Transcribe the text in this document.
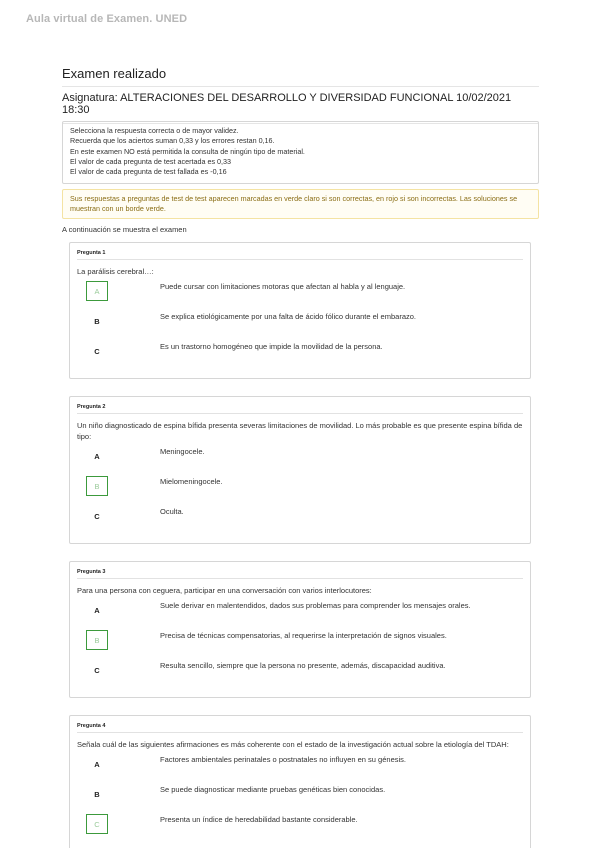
Aula virtual de Examen. UNED
Examen realizado
Asignatura: ALTERACIONES DEL DESARROLLO Y DIVERSIDAD FUNCIONAL 10/02/2021 18:30

Selecciona la respuesta correcta o de mayor validez.

Recuerda que los aciertos suman 0,33 y los errores restan 0,16.

En este examen NO está permitida la consulta de ningún tipo de material.

El valor de cada pregunta de test acertada es 0,33

El valor de cada pregunta de test fallada es -0,16

Sus respuestas a preguntas de test de test aparecen marcadas en verde claro si son correctas, en rojo si son incorrectas. Las soluciones se muestran con un borde verde.
A continuación se muestra el examen
Pregunta 1
La parálisis cerebral…:
A	Puede cursar con limitaciones motoras que afectan al habla y al lenguaje.
B	Se explica etiológicamente por una falta de ácido fólico durante el embarazo.
C	Es un trastorno homogéneo que impide la movilidad de la persona.
Pregunta 2
Un niño diagnosticado de espina bífida presenta severas limitaciones de movilidad. Lo más probable es que presente espina bífida de tipo:
A	Meningocele.
B	Mielomeningocele.
C	Oculta.
Pregunta 3
Para una persona con ceguera, participar en una conversación con varios interlocutores:
A	Suele derivar en malentendidos, dados sus problemas para comprender los mensajes orales.
B	Precisa de técnicas compensatorias, al requerirse la interpretación de signos visuales.
C	Resulta sencillo, siempre que la persona no presente, además, discapacidad auditiva.
Pregunta 4
Señala cuál de las siguientes afirmaciones es más coherente con el estado de la investigación actual sobre la etiología del TDAH:
A	Factores ambientales perinatales o postnatales no influyen en su génesis.
B	Se puede diagnosticar mediante pruebas genéticas bien conocidas.
C	Presenta un índice de heredabilidad bastante considerable.
